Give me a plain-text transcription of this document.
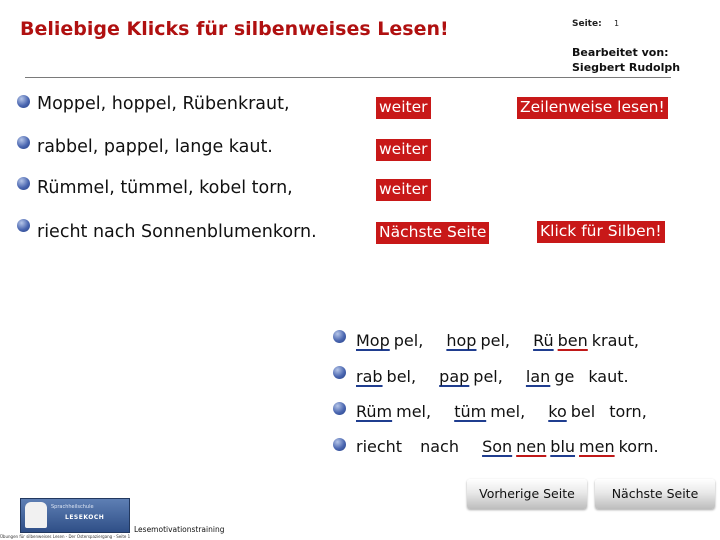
Beliebige Klicks für silbenweises Lesen!	Seite: 1
Bearbeitet von:
Siegbert Rudolph
Moppel, hoppel, Rübenkraut,
rabbel, pappel, lange kaut.
Rümmel, tümmel, kobel torn,
riecht nach Sonnenblumenkorn.
weiter
weiter
weiter
Nächste Seite
Zeilenweise lesen!
Klick für Silben!
Mop pel, hop pel, Rü ben kraut,
rab bel, pap pel, lan ge kaut.
Rüm mel, tüm mel, ko bel torn,
riecht nach Son nen blu men korn.
Vorherige Seite	Nächste Seite
Sprachheilschule
LESEKOCH
Lesemotivationstraining
Übungen für silbenweises Lesen - Der Osterspaziergang - Seite 1
